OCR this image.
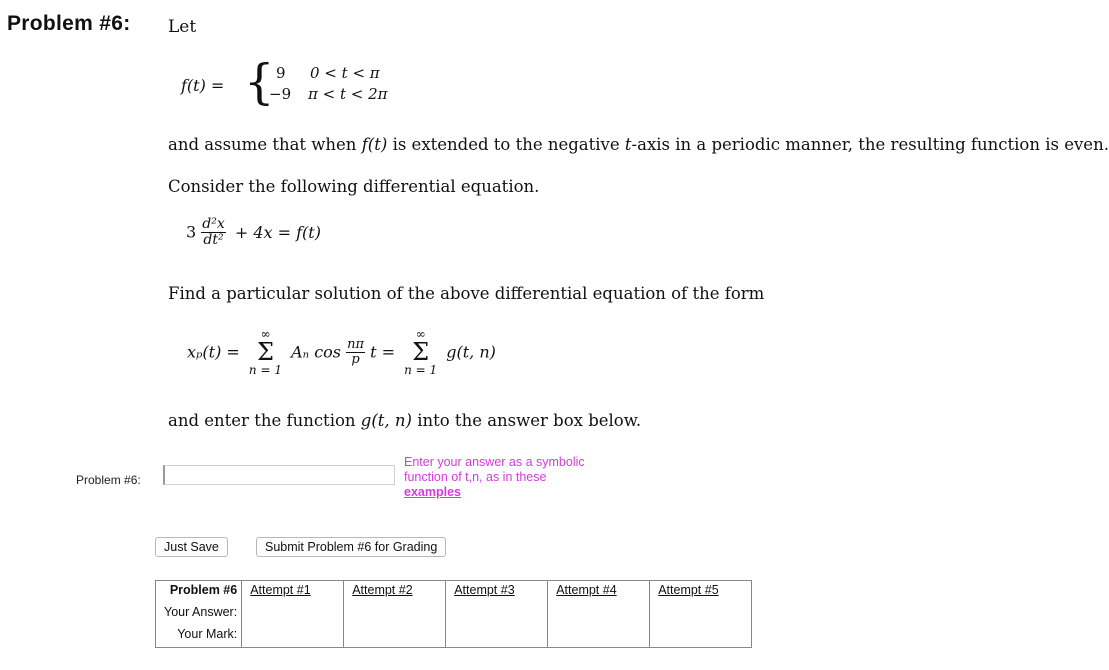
Problem #6: Let
f(t) = { 9 0 < t < π
−9 π < t < 2π
and assume that when f(t) is extended to the negative t-axis in a periodic manner, the resulting function is even.
Consider the following differential equation.
$3 \frac{\text{d²x}}{\text{dt²}} + 4x = f(t)$
Find a particular solution of the above differential equation of the form
xₚ(t) =
∞
Σ
n = 1
Aₙ $\cos \frac{n\pi}{p}$ t =
∞
Σ
n = 1
g(t, n)
and enter the function g(t, n) into the answer box below.
Problem #6:
Enter your answer as a symbolic
function of t,n, as in these
examples
Just Save	Submit Problem #6 for Grading
Problem #6	Attempt #1	Attempt #2	Attempt #3	Attempt #4	Attempt #5
Your Answer:					
Your Mark:					
